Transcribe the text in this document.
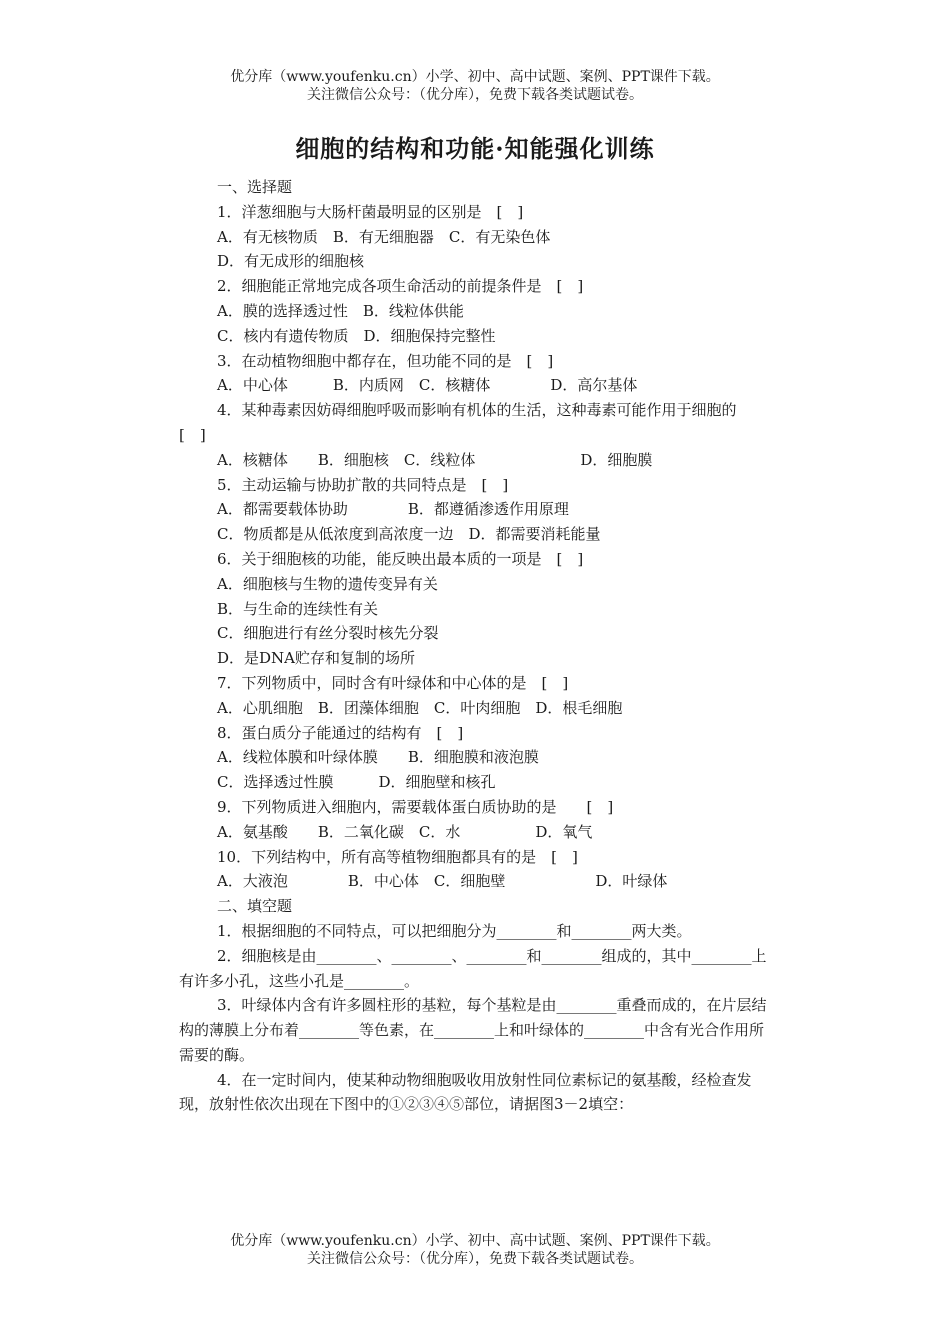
优分库（www.youfenku.cn）小学、初中、高中试题、案例、PPT课件下载。
关注微信公众号：（优分库），免费下载各类试题试卷。
细胞的结构和功能·知能强化训练
一、选择题
1．洋葱细胞与大肠杆菌最明显的区别是　[　]
A．有无核物质　B．有无细胞器　C．有无染色体
D．有无成形的细胞核
2．细胞能正常地完成各项生命活动的前提条件是　[　]
A．膜的选择透过性　B．线粒体供能
C．核内有遗传物质　D．细胞保持完整性
3．在动植物细胞中都存在，但功能不同的是　[　]
A．中心体　　　B．内质网　C．核糖体　　　　D．高尔基体
4．某种毒素因妨碍细胞呼吸而影响有机体的生活，这种毒素可能作用于细胞的　[　]
A．核糖体　　B．细胞核　C．线粒体　　　　　　　D．细胞膜
5．主动运输与协助扩散的共同特点是　[　]
A．都需要载体协助　　　　B．都遵循渗透作用原理
C．物质都是从低浓度到高浓度一边　D．都需要消耗能量
6．关于细胞核的功能，能反映出最本质的一项是　[　]
A．细胞核与生物的遗传变异有关
B．与生命的连续性有关
C．细胞进行有丝分裂时核先分裂
D．是DNA贮存和复制的场所
7．下列物质中，同时含有叶绿体和中心体的是　[　]
A．心肌细胞　B．团藻体细胞　C．叶肉细胞　D．根毛细胞
8．蛋白质分子能通过的结构有　[　]
A．线粒体膜和叶绿体膜　　B．细胞膜和液泡膜
C．选择透过性膜　　　D．细胞壁和核孔
9．下列物质进入细胞内，需要载体蛋白质协助的是　　[　]
A．氨基酸　　B．二氧化碳　C．水　　　　　D．氧气
10．下列结构中，所有高等植物细胞都具有的是　[　]
A．大液泡　　　　B．中心体　C．细胞壁　　　　　　D．叶绿体
二、填空题
1．根据细胞的不同特点，可以把细胞分为________和________两大类。
2．细胞核是由________、________、________和________组成的，其中________上有许多小孔，这些小孔是________。
3．叶绿体内含有许多圆柱形的基粒，每个基粒是由________重叠而成的，在片层结构的薄膜上分布着________等色素，在________上和叶绿体的________中含有光合作用所需要的酶。
4．在一定时间内，使某种动物细胞吸收用放射性同位素标记的氨基酸，经检查发现，放射性依次出现在下图中的①②③④⑤部位，请据图3－2填空：
优分库（www.youfenku.cn）小学、初中、高中试题、案例、PPT课件下载。
关注微信公众号：（优分库），免费下载各类试题试卷。
